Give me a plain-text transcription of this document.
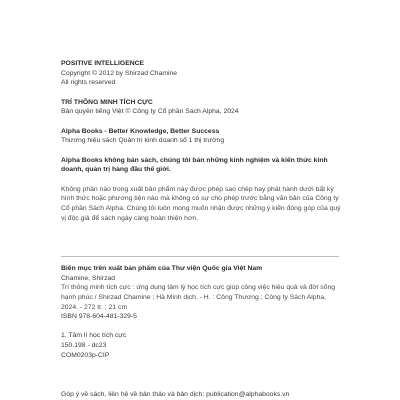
POSITIVE INTELLIGENCE
Copyright © 2012 by Shirzad Chamine
All rights reserved
TRÍ THÔNG MINH TÍCH CỰC
Bản quyền tiếng Việt © Công ty Cổ phần Sách Alpha, 2024
Alpha Books - Better Knowledge, Better Success
Thương hiệu sách Quản trị kinh doanh số 1 thị trường
Alpha Books không bán sách, chúng tôi bán những kinh nghiệm và kiến thức kinh doanh, quản trị hàng đầu thế giới.
Không phần nào trong xuất bản phẩm này được phép sao chép hay phát hành dưới bất kỳ hình thức hoặc phương tiện nào mà không có sự cho phép trước bằng văn bản của Công ty Cổ phần Sách Alpha. Chúng tôi luôn mong muốn nhận được những ý kiến đóng góp của quý vị độc giả để sách ngày càng hoàn thiện hơn.
Biên mục trên xuất bản phẩm của Thư viện Quốc gia Việt Nam
Chamine, Shirzad
Trí thông minh tích cực : ứng dụng tâm lý học tích cực giúp công việc hiệu quả và đời sống hạnh phúc / Shirzad Chamine ; Hà Minh dịch. - H. : Công Thương ; Công ty Sách Alpha, 2024. - 272 tr. ; 21 cm
ISBN 978-604-481-329-5
1. Tâm lí học tích cực
150.198 - dc23
COM0203p-CIP
Góp ý về sách, liên hệ về bản thảo và bản dịch: publication@alphabooks.vn
